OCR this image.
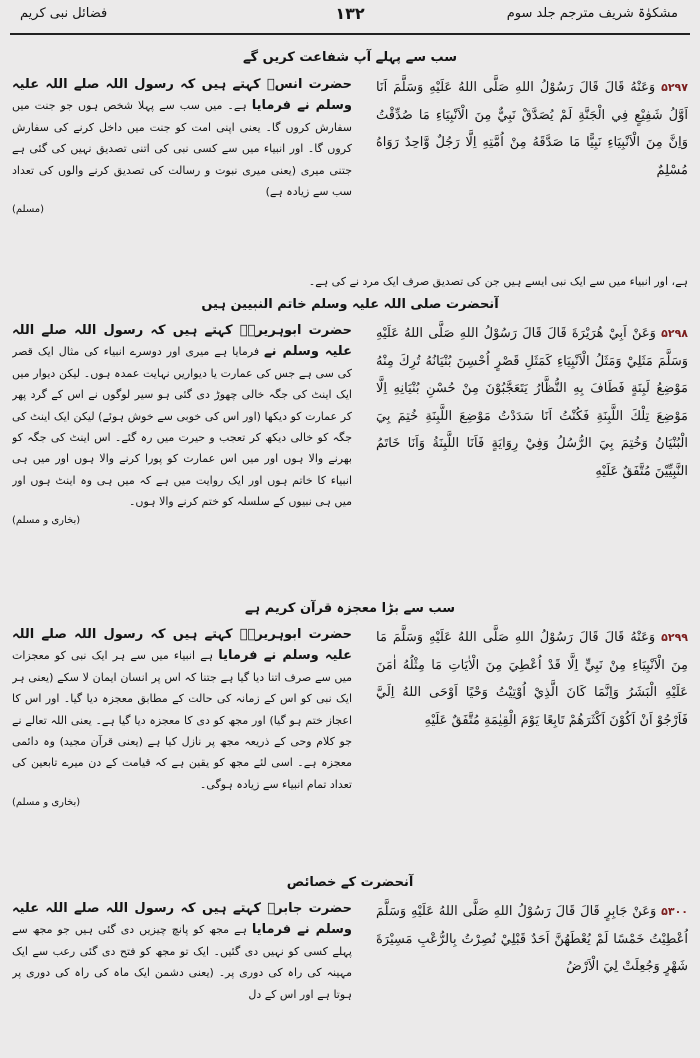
مشکوٰۃ شریف مترجم جلد سوم
۱۳۲
فضائل نبی کریم
سب سے پہلے آپ شفاعت کریں گے
۵۲۹۷ وَعَنْهُ قَالَ قَالَ رَسُوْلُ اللهِ صَلَّى اللهُ عَلَيْهِ وَسَلَّمَ اَنَا اَوَّلُ شَفِيْعٍ فِي الْجَنَّةِ لَمْ يُصَدَّقْ نَبِيٌّ مِنَ الْاَنْبِيَاءِ مَا صُدِّقْتُ وَاِنَّ مِنَ الْاَنْبِيَاءِ نَبِيًّا مَا صَدَّقَهُ مِنْ اُمَّتِهِ اِلَّا رَجُلٌ وَّاحِدٌ رَوَاهُ مُسْلِمٌ
حضرت انسؓ کہتے ہیں کہ رسول اللہ صلے اللہ علیہ وسلم نے فرمایا ہے۔ میں سب سے پہلا شخص ہوں جو جنت میں سفارش کروں گا۔ یعنی اپنی امت کو جنت میں داخل کرنے کی سفارش کروں گا۔ اور انبیاء میں سے کسی نبی کی اتنی تصدیق نہیں کی گئی ہے جتنی میری (یعنی میری نبوت و رسالت کی تصدیق کرنے والوں کی تعداد سب سے زیادہ ہے)
(مسلم)
ہے، اور انبیاء میں سے ایک نبی ایسے ہیں جن کی تصدیق صرف ایک مرد نے کی ہے۔
آنحضرت صلی اللہ علیہ وسلم خاتم النبیین ہیں
۵۲۹۸ وَعَنْ اَبِيْ هُرَيْرَةَ قَالَ قَالَ رَسُوْلُ اللهِ صَلَّى اللهُ عَلَيْهِ وَسَلَّمَ مَثَلِيْ وَمَثَلُ الْاَنْبِيَاءِ كَمَثَلِ قَصْرٍ اُحْسِنَ بُنْيَانُهُ تُرِكَ مِنْهُ مَوْضِعُ لَبِنَةٍ فَطَافَ بِهِ النُّظَّارُ يَتَعَجَّبُوْنَ مِنْ حُسْنِ بُنْيَانِهِ اِلَّا مَوْضِعَ تِلْكَ اللَّبِنَةِ فَكُنْتُ اَنَا سَدَدْتُ مَوْضِعَ اللَّبِنَةِ خُتِمَ بِيَ الْبُنْيَانُ وَخُتِمَ بِيَ الرُّسُلُ وَفِيْ رِوَايَةٍ فَاَنَا اللَّبِنَةُ وَاَنَا خَاتَمُ النَّبِيِّيْنَ مُتَّفَقٌ عَلَيْهِ
حضرت ابوہریرہؓ کہتے ہیں کہ رسول اللہ صلے اللہ علیہ وسلم نے فرمایا ہے میری اور دوسرے انبیاء کی مثال ایک قصر کی سی ہے جس کی عمارت یا دیواریں نہایت عمدہ ہوں۔ لیکن دیوار میں ایک اینٹ کی جگہ خالی چھوڑ دی گئی ہو سیر لوگوں نے اس کے گرد پھر کر عمارت کو دیکھا (اور اس کی خوبی سے خوش ہوئے) لیکن ایک اینٹ کی جگہ کو خالی دیکھ کر تعجب و حیرت میں رہ گئے۔ اس اینٹ کی جگہ کو بھرنے والا ہوں اور میں اس عمارت کو پورا کرنے والا ہوں اور میں ہی انبیاء کا خاتم ہوں اور ایک روایت میں ہے کہ میں ہی وہ اینٹ ہوں اور میں ہی نبیوں کے سلسلہ کو ختم کرنے والا ہوں۔
(بخاری و مسلم)
سب سے بڑا معجزہ قرآن کریم ہے
۵۲۹۹ وَعَنْهُ قَالَ قَالَ رَسُوْلُ اللهِ صَلَّى اللهُ عَلَيْهِ وَسَلَّمَ مَا مِنَ الْاَنْبِيَاءِ مِنْ نَبِيٍّ اِلَّا قَدْ اُعْطِيَ مِنَ الْاٰيَاتِ مَا مِثْلُهُ اٰمَنَ عَلَيْهِ الْبَشَرُ وَاِنَّمَا كَانَ الَّذِيْ اُوْتِيْتُ وَحْيًا اَوْحَى اللهُ اِلَيَّ فَاَرْجُوْ اَنْ اَكُوْنَ اَكْثَرَهُمْ تَابِعًا يَوْمَ الْقِيٰمَةِ مُتَّفَقٌ عَلَيْهِ
حضرت ابوہریرہؓ کہتے ہیں کہ رسول اللہ صلے اللہ علیہ وسلم نے فرمایا ہے انبیاء میں سے ہر ایک نبی کو معجزات میں سے صرف اتنا دیا گیا ہے جتنا کہ اس پر انسان ایمان لا سکے (یعنی ہر ایک نبی کو اس کے زمانہ کی حالت کے مطابق معجزہ دیا گیا۔ اور اس کا اعجاز ختم ہو گیا) اور مجھ کو دی کا معجزہ دیا گیا ہے۔ یعنی اللہ تعالے نے جو کلام وحی کے ذریعہ مجھ پر نازل کیا ہے (یعنی قرآن مجید) وہ دائمی معجزہ ہے۔ اسی لئے مجھ کو یقین ہے کہ قیامت کے دن میرے تابعین کی تعداد تمام انبیاء سے زیادہ ہوگی۔
(بخاری و مسلم)
آنحضرت کے خصائص
۵۳۰۰ وَعَنْ جَابِرٍ قَالَ قَالَ رَسُوْلُ اللهِ صَلَّى اللهُ عَلَيْهِ وَسَلَّمَ اُعْطِيْتُ خَمْسًا لَمْ يُعْطَهُنَّ اَحَدٌ قَبْلِيْ نُصِرْتُ بِالرُّعْبِ مَسِيْرَةَ شَهْرٍ وَجُعِلَتْ لِيَ الْاَرْضُ
حضرت جابرؓ کہتے ہیں کہ رسول اللہ صلے اللہ علیہ وسلم نے فرمایا ہے مجھ کو پانچ چیزیں دی گئی ہیں جو مجھ سے پہلے کسی کو نہیں دی گئیں۔ ایک تو مجھ کو فتح دی گئی رعب سے ایک مہینہ کی راہ کی دوری پر۔ (یعنی دشمن ایک ماہ کی راہ کی دوری پر ہوتا ہے اور اس کے دل
